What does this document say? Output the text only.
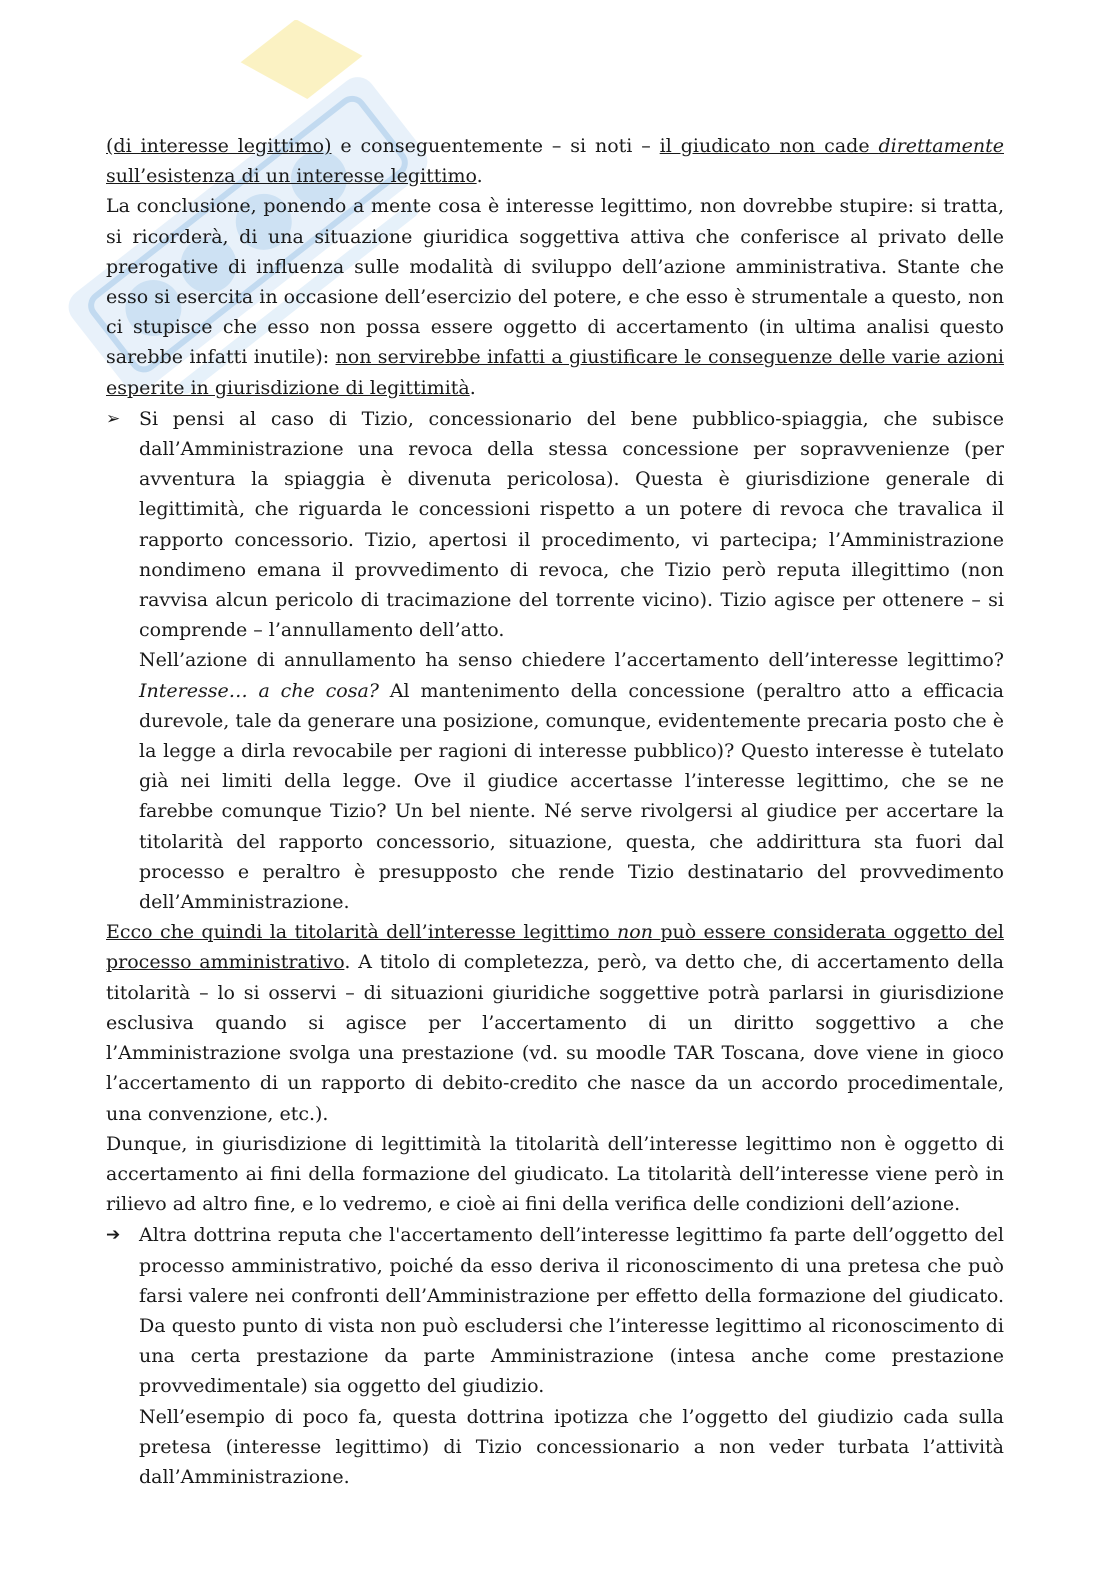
(di interesse legittimo) e conseguentemente – si noti – il giudicato non cade direttamente sull’esistenza di un interesse legittimo.

La conclusione, ponendo a mente cosa è interesse legittimo, non dovrebbe stupire: si tratta, si ricorderà, di una situazione giuridica soggettiva attiva che conferisce al privato delle prerogative di influenza sulle modalità di sviluppo dell’azione amministrativa. Stante che esso si esercita in occasione dell’esercizio del potere, e che esso è strumentale a questo, non ci stupisce che esso non possa essere oggetto di accertamento (in ultima analisi questo sarebbe infatti inutile): non servirebbe infatti a giustificare le conseguenze delle varie azioni esperite in giurisdizione di legittimità.

➢ Si pensi al caso di Tizio, concessionario del bene pubblico-spiaggia, che subisce dall’Amministrazione una revoca della stessa concessione per sopravvenienze (per avventura la spiaggia è divenuta pericolosa). Questa è giurisdizione generale di legittimità, che riguarda le concessioni rispetto a un potere di revoca che travalica il rapporto concessorio. Tizio, apertosi il procedimento, vi partecipa; l’Amministrazione nondimeno emana il provvedimento di revoca, che Tizio però reputa illegittimo (non ravvisa alcun pericolo di tracimazione del torrente vicino). Tizio agisce per ottenere – si comprende – l’annullamento dell’atto.

Nell’azione di annullamento ha senso chiedere l’accertamento dell’interesse legittimo? Interesse… a che cosa? Al mantenimento della concessione (peraltro atto a efficacia durevole, tale da generare una posizione, comunque, evidentemente precaria posto che è la legge a dirla revocabile per ragioni di interesse pubblico)? Questo interesse è tutelato già nei limiti della legge. Ove il giudice accertasse l’interesse legittimo, che se ne farebbe comunque Tizio? Un bel niente. Né serve rivolgersi al giudice per accertare la titolarità del rapporto concessorio, situazione, questa, che addirittura sta fuori dal processo e peraltro è presupposto che rende Tizio destinatario del provvedimento dell’Amministrazione.

Ecco che quindi la titolarità dell’interesse legittimo non può essere considerata oggetto del processo amministrativo. A titolo di completezza, però, va detto che, di accertamento della titolarità – lo si osservi – di situazioni giuridiche soggettive potrà parlarsi in giurisdizione esclusiva quando si agisce per l’accertamento di un diritto soggettivo a che l’Amministrazione svolga una prestazione (vd. su moodle TAR Toscana, dove viene in gioco l’accertamento di un rapporto di debito-credito che nasce da un accordo procedimentale, una convenzione, etc.).

Dunque, in giurisdizione di legittimità la titolarità dell’interesse legittimo non è oggetto di accertamento ai fini della formazione del giudicato. La titolarità dell’interesse viene però in rilievo ad altro fine, e lo vedremo, e cioè ai fini della verifica delle condizioni dell’azione.

➔ Altra dottrina reputa che l'accertamento dell’interesse legittimo fa parte dell’oggetto del processo amministrativo, poiché da esso deriva il riconoscimento di una pretesa che può farsi valere nei confronti dell’Amministrazione per effetto della formazione del giudicato. Da questo punto di vista non può escludersi che l’interesse legittimo al riconoscimento di una certa prestazione da parte Amministrazione (intesa anche come prestazione provvedimentale) sia oggetto del giudizio.

Nell’esempio di poco fa, questa dottrina ipotizza che l’oggetto del giudizio cada sulla pretesa (interesse legittimo) di Tizio concessionario a non veder turbata l’attività dall’Amministrazione.
